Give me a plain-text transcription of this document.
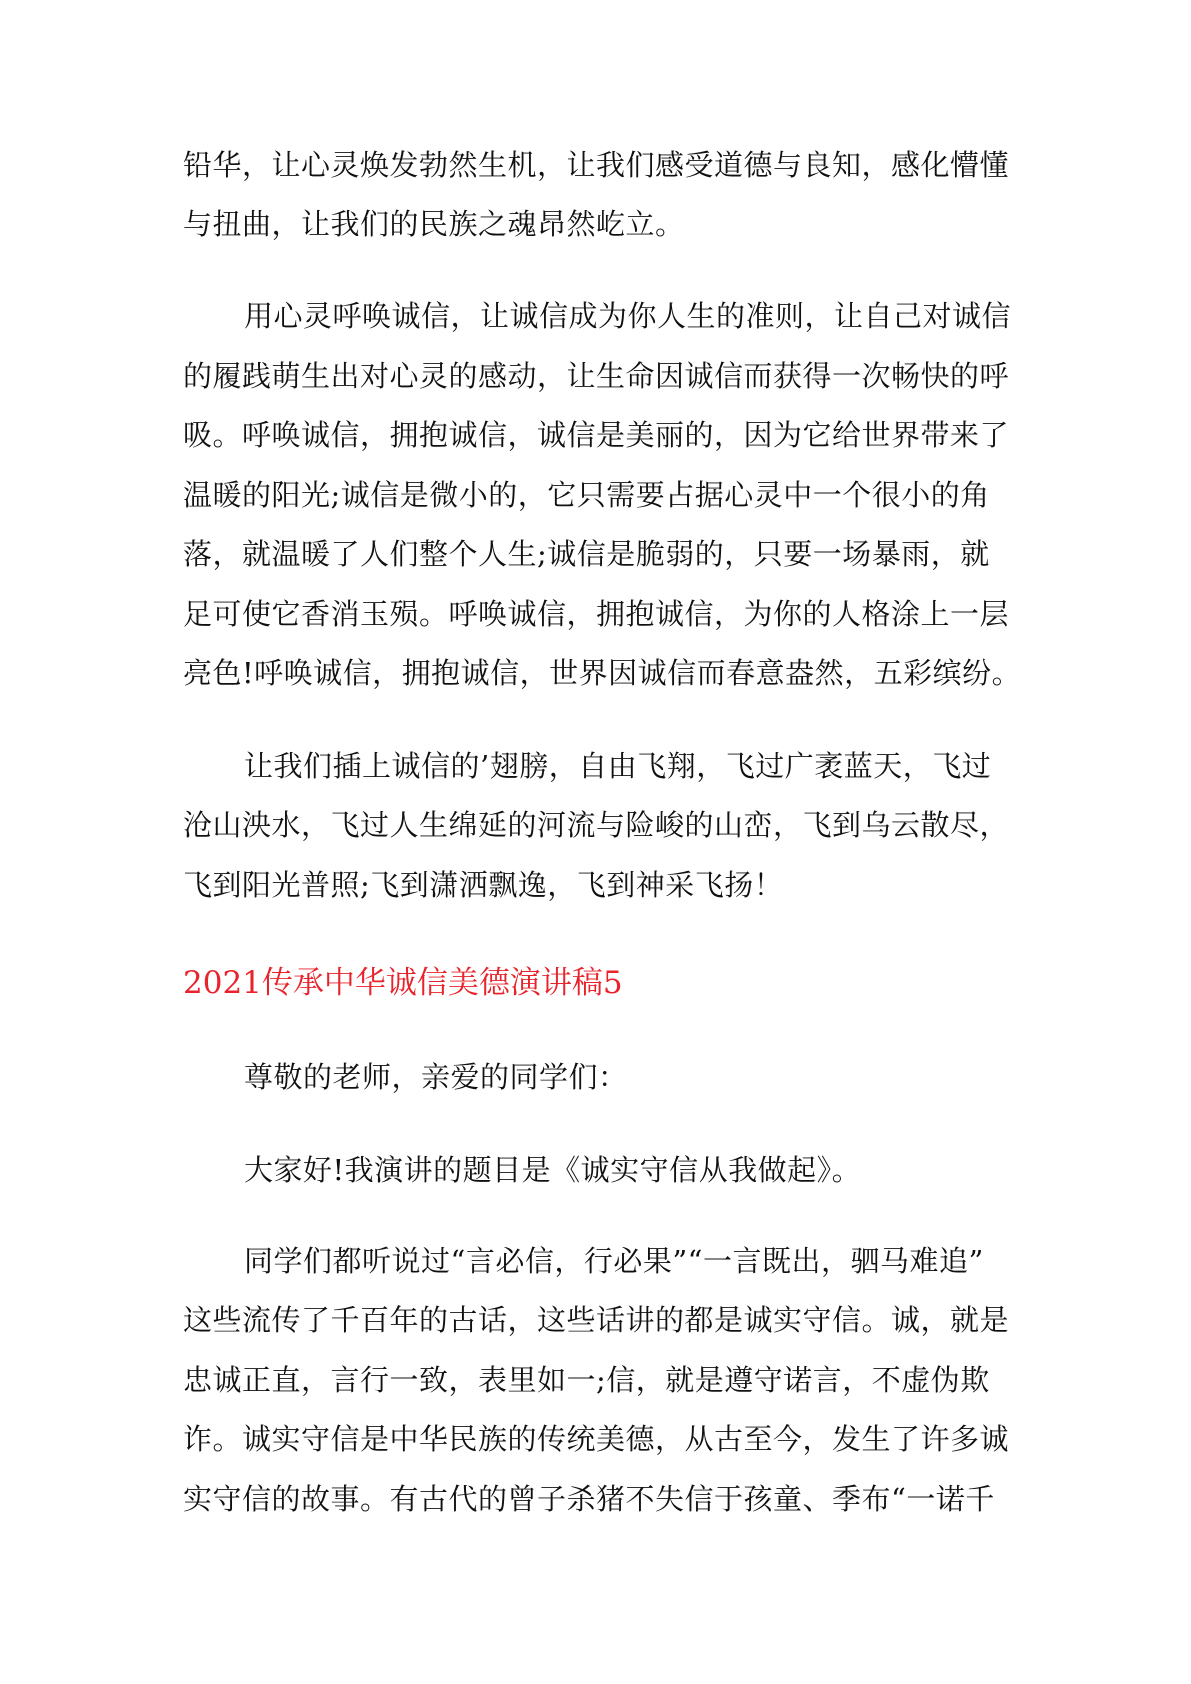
铅华，让心灵焕发勃然生机，让我们感受道德与良知，感化懵懂
与扭曲，让我们的民族之魂昂然屹立。
用心灵呼唤诚信，让诚信成为你人生的准则，让自己对诚信
的履践萌生出对心灵的感动，让生命因诚信而获得一次畅快的呼
吸。呼唤诚信，拥抱诚信，诚信是美丽的，因为它给世界带来了
温暖的阳光;诚信是微小的，它只需要占据心灵中一个很小的角
落，就温暖了人们整个人生;诚信是脆弱的，只要一场暴雨，就
足可使它香消玉殒。呼唤诚信，拥抱诚信，为你的人格涂上一层
亮色!呼唤诚信，拥抱诚信，世界因诚信而春意盎然，五彩缤纷。
让我们插上诚信的’翅膀，自由飞翔，飞过广袤蓝天，飞过
沧山泱水，飞过人生绵延的河流与险峻的山峦，飞到乌云散尽，
飞到阳光普照;飞到潇洒飘逸，飞到神采飞扬！
2021传承中华诚信美德演讲稿5
尊敬的老师，亲爱的同学们：
大家好!我演讲的题目是《诚实守信从我做起》。
同学们都听说过“言必信，行必果”“一言既出，驷马难追”
这些流传了千百年的古话，这些话讲的都是诚实守信。诚，就是
忠诚正直，言行一致，表里如一;信，就是遵守诺言，不虚伪欺
诈。诚实守信是中华民族的传统美德，从古至今，发生了许多诚
实守信的故事。有古代的曾子杀猪不失信于孩童、季布“一诺千
